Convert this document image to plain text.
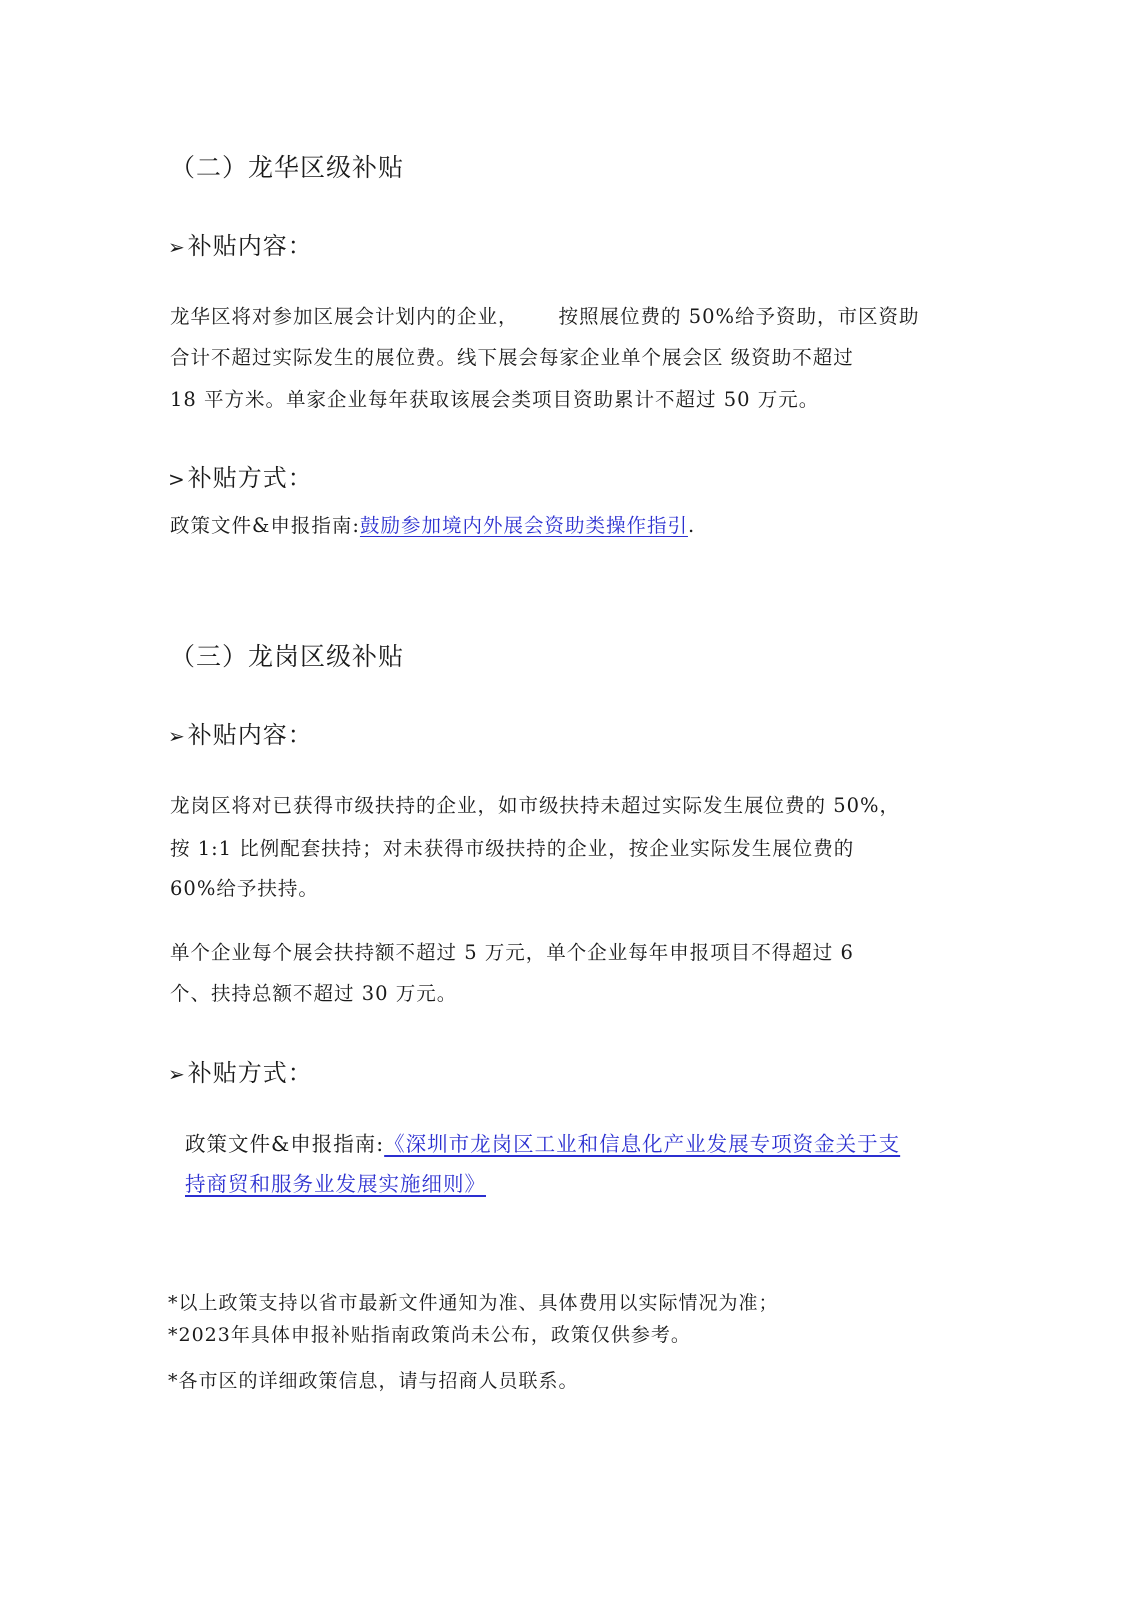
（二）龙华区级补贴
➢补贴内容：
龙华区将对参加区展会计划内的企业， 按照展位费的 50%给予资助，市区资助
合计不超过实际发生的展位费。线下展会每家企业单个展会区 级资助不超过
18 平方米。单家企业每年获取该展会类项目资助累计不超过 50 万元。
>补贴方式：
政策文件&申报指南:鼓励参加境内外展会资助类操作指引.
（三）龙岗区级补贴
➢补贴内容：
龙岗区将对已获得市级扶持的企业，如市级扶持未超过实际发生展位费的 50%，
按 1:1 比例配套扶持；对未获得市级扶持的企业，按企业实际发生展位费的
60%给予扶持。
单个企业每个展会扶持额不超过 5 万元，单个企业每年申报项目不得超过 6
个、扶持总额不超过 30 万元。
➢补贴方式：
政策文件&申报指南:《深圳市龙岗区工业和信息化产业发展专项资金关于支
持商贸和服务业发展实施细则》
*以上政策支持以省市最新文件通知为准、具体费用以实际情况为准；
*2023年具体申报补贴指南政策尚未公布，政策仅供参考。
*各市区的详细政策信息，请与招商人员联系。
